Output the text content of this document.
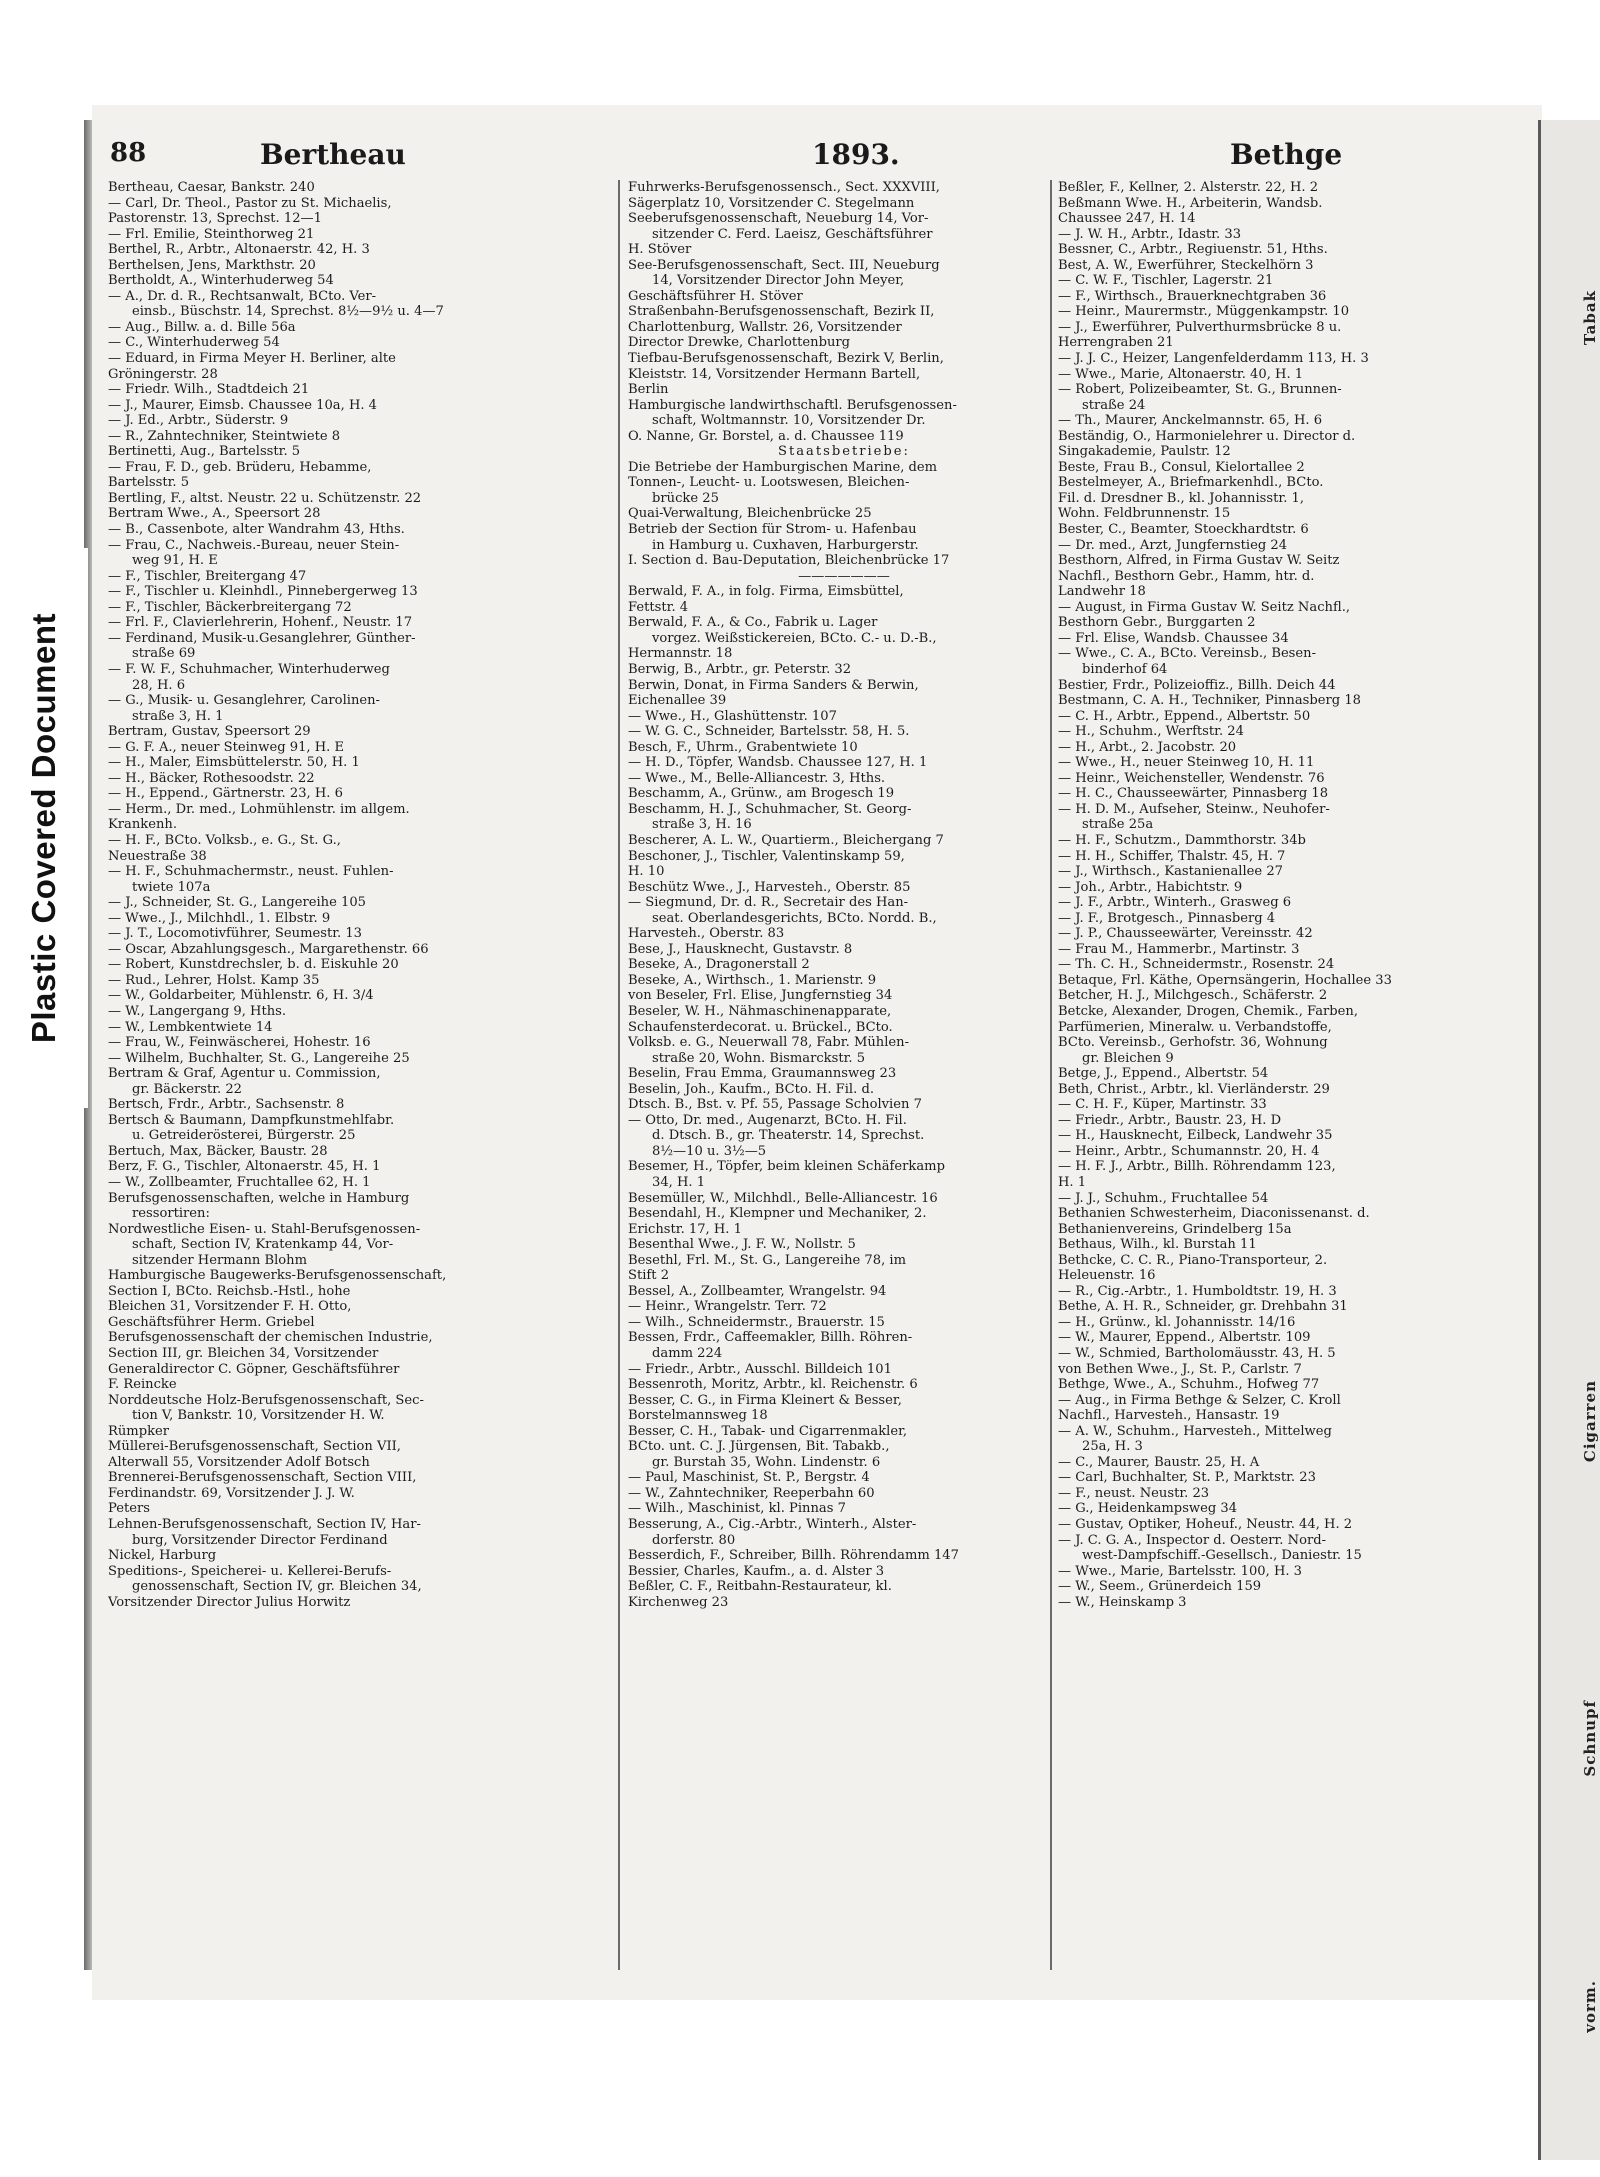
Tabak
Cigarren
Schnupf
vorm.
Plastic Covered Document
88	Bertheau	1893.	Bethge

Bertheau, Caesar, Bankstr. 240

— Carl, Dr. Theol., Pastor zu St. Michaelis,

Pastorenstr. 13, Sprechst. 12—1

— Frl. Emilie, Steinthorweg 21

Berthel, R., Arbtr., Altonaerstr. 42, H. 3

Berthelsen, Jens, Markthstr. 20

Bertholdt, A., Winterhuderweg 54

— A., Dr. d. R., Rechtsanwalt, BCto. Ver-

einsb., Büschstr. 14, Sprechst. 8½—9½ u. 4—7

— Aug., Billw. a. d. Bille 56a

— C., Winterhuderweg 54

— Eduard, in Firma Meyer H. Berliner, alte

Gröningerstr. 28

— Friedr. Wilh., Stadtdeich 21

— J., Maurer, Eimsb. Chaussee 10a, H. 4

— J. Ed., Arbtr., Süderstr. 9

— R., Zahntechniker, Steintwiete 8

Bertinetti, Aug., Bartelsstr. 5

— Frau, F. D., geb. Brüderu, Hebamme,

Bartelsstr. 5

Bertling, F., altst. Neustr. 22 u. Schützenstr. 22

Bertram Wwe., A., Speersort 28

— B., Cassenbote, alter Wandrahm 43, Hths.

— Frau, C., Nachweis.-Bureau, neuer Stein-

weg 91, H. E

— F., Tischler, Breitergang 47

— F., Tischler u. Kleinhdl., Pinnebergerweg 13

— F., Tischler, Bäckerbreitergang 72

— Frl. F., Clavierlehrerin, Hohenf., Neustr. 17

— Ferdinand, Musik-u.Gesanglehrer, Günther-

straße 69

— F. W. F., Schuhmacher, Winterhuderweg

28, H. 6

— G., Musik- u. Gesanglehrer, Carolinen-

straße 3, H. 1

Bertram, Gustav, Speersort 29

— G. F. A., neuer Steinweg 91, H. E

— H., Maler, Eimsbüttelerstr. 50, H. 1

— H., Bäcker, Rothesoodstr. 22

— H., Eppend., Gärtnerstr. 23, H. 6

— Herm., Dr. med., Lohmühlenstr. im allgem.

Krankenh.

— H. F., BCto. Volksb., e. G., St. G.,

Neuestraße 38

— H. F., Schuhmachermstr., neust. Fuhlen-

twiete 107a

— J., Schneider, St. G., Langereihe 105

— Wwe., J., Milchhdl., 1. Elbstr. 9

— J. T., Locomotivführer, Seumestr. 13

— Oscar, Abzahlungsgesch., Margarethenstr. 66

— Robert, Kunstdrechsler, b. d. Eiskuhle 20

— Rud., Lehrer, Holst. Kamp 35

— W., Goldarbeiter, Mühlenstr. 6, H. 3/4

— W., Langergang 9, Hths.

— W., Lembkentwiete 14

— Frau, W., Feinwäscherei, Hohestr. 16

— Wilhelm, Buchhalter, St. G., Langereihe 25

Bertram & Graf, Agentur u. Commission,

gr. Bäckerstr. 22

Bertsch, Frdr., Arbtr., Sachsenstr. 8

Bertsch & Baumann, Dampfkunstmehlfabr.

u. Getreiderösterei, Bürgerstr. 25

Bertuch, Max, Bäcker, Baustr. 28

Berz, F. G., Tischler, Altonaerstr. 45, H. 1

— W., Zollbeamter, Fruchtallee 62, H. 1

Berufsgenossenschaften, welche in Hamburg

ressortiren:

Nordwestliche Eisen- u. Stahl-Berufsgenossen-

schaft, Section IV, Kratenkamp 44, Vor-

sitzender Hermann Blohm

Hamburgische Baugewerks-Berufsgenossenschaft,

Section I, BCto. Reichsb.-Hstl., hohe

Bleichen 31, Vorsitzender F. H. Otto,

Geschäftsführer Herm. Griebel

Berufsgenossenschaft der chemischen Industrie,

Section III, gr. Bleichen 34, Vorsitzender

Generaldirector C. Göpner, Geschäftsführer

F. Reincke

Norddeutsche Holz-Berufsgenossenschaft, Sec-

tion V, Bankstr. 10, Vorsitzender H. W.

Rümpker

Müllerei-Berufsgenossenschaft, Section VII,

Alterwall 55, Vorsitzender Adolf Botsch

Brennerei-Berufsgenossenschaft, Section VIII,

Ferdinandstr. 69, Vorsitzender J. J. W.

Peters

Lehnen-Berufsgenossenschaft, Section IV, Har-

burg, Vorsitzender Director Ferdinand

Nickel, Harburg

Speditions-, Speicherei- u. Kellerei-Berufs-

genossenschaft, Section IV, gr. Bleichen 34,

Vorsitzender Director Julius Horwitz

Fuhrwerks-Berufsgenossensch., Sect. XXXVIII,

Sägerplatz 10, Vorsitzender C. Stegelmann

Seeberufsgenossenschaft, Neueburg 14, Vor-

sitzender C. Ferd. Laeisz, Geschäftsführer

H. Stöver

See-Berufsgenossenschaft, Sect. III, Neueburg

14, Vorsitzender Director John Meyer,

Geschäftsführer H. Stöver

Straßenbahn-Berufsgenossenschaft, Bezirk II,

Charlottenburg, Wallstr. 26, Vorsitzender

Director Drewke, Charlottenburg

Tiefbau-Berufsgenossenschaft, Bezirk V, Berlin,

Kleiststr. 14, Vorsitzender Hermann Bartell,

Berlin

Hamburgische landwirthschaftl. Berufsgenossen-

schaft, Woltmannstr. 10, Vorsitzender Dr.

O. Nanne, Gr. Borstel, a. d. Chaussee 119

Staatsbetriebe:

Die Betriebe der Hamburgischen Marine, dem

Tonnen-, Leucht- u. Lootswesen, Bleichen-

brücke 25

Quai-Verwaltung, Bleichenbrücke 25

Betrieb der Section für Strom- u. Hafenbau

in Hamburg u. Cuxhaven, Harburgerstr.

I. Section d. Bau-Deputation, Bleichenbrücke 17

———————

Berwald, F. A., in folg. Firma, Eimsbüttel,

Fettstr. 4

Berwald, F. A., & Co., Fabrik u. Lager

vorgez. Weißstickereien, BCto. C.- u. D.-B.,

Hermannstr. 18

Berwig, B., Arbtr., gr. Peterstr. 32

Berwin, Donat, in Firma Sanders & Berwin,

Eichenallee 39

— Wwe., H., Glashüttenstr. 107

— W. G. C., Schneider, Bartelsstr. 58, H. 5.

Besch, F., Uhrm., Grabentwiete 10

— H. D., Töpfer, Wandsb. Chaussee 127, H. 1

— Wwe., M., Belle-Alliancestr. 3, Hths.

Beschamm, A., Grünw., am Brogesch 19

Beschamm, H. J., Schuhmacher, St. Georg-

straße 3, H. 16

Bescherer, A. L. W., Quartierm., Bleichergang 7

Beschoner, J., Tischler, Valentinskamp 59,

H. 10

Beschütz Wwe., J., Harvesteh., Oberstr. 85

— Siegmund, Dr. d. R., Secretair des Han-

seat. Oberlandesgerichts, BCto. Nordd. B.,

Harvesteh., Oberstr. 83

Bese, J., Hausknecht, Gustavstr. 8

Beseke, A., Dragonerstall 2

Beseke, A., Wirthsch., 1. Marienstr. 9

von Beseler, Frl. Elise, Jungfernstieg 34

Beseler, W. H., Nähmaschinenapparate,

Schaufensterdecorat. u. Brückel., BCto.

Volksb. e. G., Neuerwall 78, Fabr. Mühlen-

straße 20, Wohn. Bismarckstr. 5

Beselin, Frau Emma, Graumannsweg 23

Beselin, Joh., Kaufm., BCto. H. Fil. d.

Dtsch. B., Bst. v. Pf. 55, Passage Scholvien 7

— Otto, Dr. med., Augenarzt, BCto. H. Fil.

d. Dtsch. B., gr. Theaterstr. 14, Sprechst.

8½—10 u. 3½—5

Besemer, H., Töpfer, beim kleinen Schäferkamp

34, H. 1

Besemüller, W., Milchhdl., Belle-Alliancestr. 16

Besendahl, H., Klempner und Mechaniker, 2.

Erichstr. 17, H. 1

Besenthal Wwe., J. F. W., Nollstr. 5

Besethl, Frl. M., St. G., Langereihe 78, im

Stift 2

Bessel, A., Zollbeamter, Wrangelstr. 94

— Heinr., Wrangelstr. Terr. 72

— Wilh., Schneidermstr., Brauerstr. 15

Bessen, Frdr., Caffeemakler, Billh. Röhren-

damm 224

— Friedr., Arbtr., Ausschl. Billdeich 101

Bessenroth, Moritz, Arbtr., kl. Reichenstr. 6

Besser, C. G., in Firma Kleinert & Besser,

Borstelmannsweg 18

Besser, C. H., Tabak- und Cigarrenmakler,

BCto. unt. C. J. Jürgensen, Bit. Tabakb.,

gr. Burstah 35, Wohn. Lindenstr. 6

— Paul, Maschinist, St. P., Bergstr. 4

— W., Zahntechniker, Reeperbahn 60

— Wilh., Maschinist, kl. Pinnas 7

Besserung, A., Cig.-Arbtr., Winterh., Alster-

dorferstr. 80

Besserdich, F., Schreiber, Billh. Röhrendamm 147

Bessier, Charles, Kaufm., a. d. Alster 3

Beßler, C. F., Reitbahn-Restaurateur, kl.

Kirchenweg 23

Beßler, F., Kellner, 2. Alsterstr. 22, H. 2

Beßmann Wwe. H., Arbeiterin, Wandsb.

Chaussee 247, H. 14

— J. W. H., Arbtr., Idastr. 33

Bessner, C., Arbtr., Regiuenstr. 51, Hths.

Best, A. W., Ewerführer, Steckelhörn 3

— C. W. F., Tischler, Lagerstr. 21

— F., Wirthsch., Brauerknechtgraben 36

— Heinr., Maurermstr., Müggenkampstr. 10

— J., Ewerführer, Pulverthurmsbrücke 8 u.

Herrengraben 21

— J. J. C., Heizer, Langenfelderdamm 113, H. 3

— Wwe., Marie, Altonaerstr. 40, H. 1

— Robert, Polizeibeamter, St. G., Brunnen-

straße 24

— Th., Maurer, Anckelmannstr. 65, H. 6

Beständig, O., Harmonielehrer u. Director d.

Singakademie, Paulstr. 12

Beste, Frau B., Consul, Kielortallee 2

Bestelmeyer, A., Briefmarkenhdl., BCto.

Fil. d. Dresdner B., kl. Johannisstr. 1,

Wohn. Feldbrunnenstr. 15

Bester, C., Beamter, Stoeckhardtstr. 6

— Dr. med., Arzt, Jungfernstieg 24

Besthorn, Alfred, in Firma Gustav W. Seitz

Nachfl., Besthorn Gebr., Hamm, htr. d.

Landwehr 18

— August, in Firma Gustav W. Seitz Nachfl.,

Besthorn Gebr., Burggarten 2

— Frl. Elise, Wandsb. Chaussee 34

— Wwe., C. A., BCto. Vereinsb., Besen-

binderhof 64

Bestier, Frdr., Polizeioffiz., Billh. Deich 44

Bestmann, C. A. H., Techniker, Pinnasberg 18

— C. H., Arbtr., Eppend., Albertstr. 50

— H., Schuhm., Werftstr. 24

— H., Arbt., 2. Jacobstr. 20

— Wwe., H., neuer Steinweg 10, H. 11

— Heinr., Weichensteller, Wendenstr. 76

— H. C., Chausseewärter, Pinnasberg 18

— H. D. M., Aufseher, Steinw., Neuhofer-

straße 25a

— H. F., Schutzm., Dammthorstr. 34b

— H. H., Schiffer, Thalstr. 45, H. 7

— J., Wirthsch., Kastanienallee 27

— Joh., Arbtr., Habichtstr. 9

— J. F., Arbtr., Winterh., Grasweg 6

— J. F., Brotgesch., Pinnasberg 4

— J. P., Chausseewärter, Vereinsstr. 42

— Frau M., Hammerbr., Martinstr. 3

— Th. C. H., Schneidermstr., Rosenstr. 24

Betaque, Frl. Käthe, Opernsängerin, Hochallee 33

Betcher, H. J., Milchgesch., Schäferstr. 2

Betcke, Alexander, Drogen, Chemik., Farben,

Parfümerien, Mineralw. u. Verbandstoffe,

BCto. Vereinsb., Gerhofstr. 36, Wohnung

gr. Bleichen 9

Betge, J., Eppend., Albertstr. 54

Beth, Christ., Arbtr., kl. Vierländerstr. 29

— C. H. F., Küper, Martinstr. 33

— Friedr., Arbtr., Baustr. 23, H. D

— H., Hausknecht, Eilbeck, Landwehr 35

— Heinr., Arbtr., Schumannstr. 20, H. 4

— H. F. J., Arbtr., Billh. Röhrendamm 123,

H. 1

— J. J., Schuhm., Fruchtallee 54

Bethanien Schwesterheim, Diaconissenanst. d.

Bethanienvereins, Grindelberg 15a

Bethaus, Wilh., kl. Burstah 11

Bethcke, C. C. R., Piano-Transporteur, 2.

Heleuenstr. 16

— R., Cig.-Arbtr., 1. Humboldtstr. 19, H. 3

Bethe, A. H. R., Schneider, gr. Drehbahn 31

— H., Grünw., kl. Johannisstr. 14/16

— W., Maurer, Eppend., Albertstr. 109

— W., Schmied, Bartholomäusstr. 43, H. 5

von Bethen Wwe., J., St. P., Carlstr. 7

Bethge, Wwe., A., Schuhm., Hofweg 77

— Aug., in Firma Bethge & Selzer, C. Kroll

Nachfl., Harvesteh., Hansastr. 19

— A. W., Schuhm., Harvesteh., Mittelweg

25a, H. 3

— C., Maurer, Baustr. 25, H. A

— Carl, Buchhalter, St. P., Marktstr. 23

— F., neust. Neustr. 23

— G., Heidenkampsweg 34

— Gustav, Optiker, Hoheuf., Neustr. 44, H. 2

— J. C. G. A., Inspector d. Oesterr. Nord-

west-Dampfschiff.-Gesellsch., Daniestr. 15

— Wwe., Marie, Bartelsstr. 100, H. 3

— W., Seem., Grünerdeich 159

— W., Heinskamp 3
